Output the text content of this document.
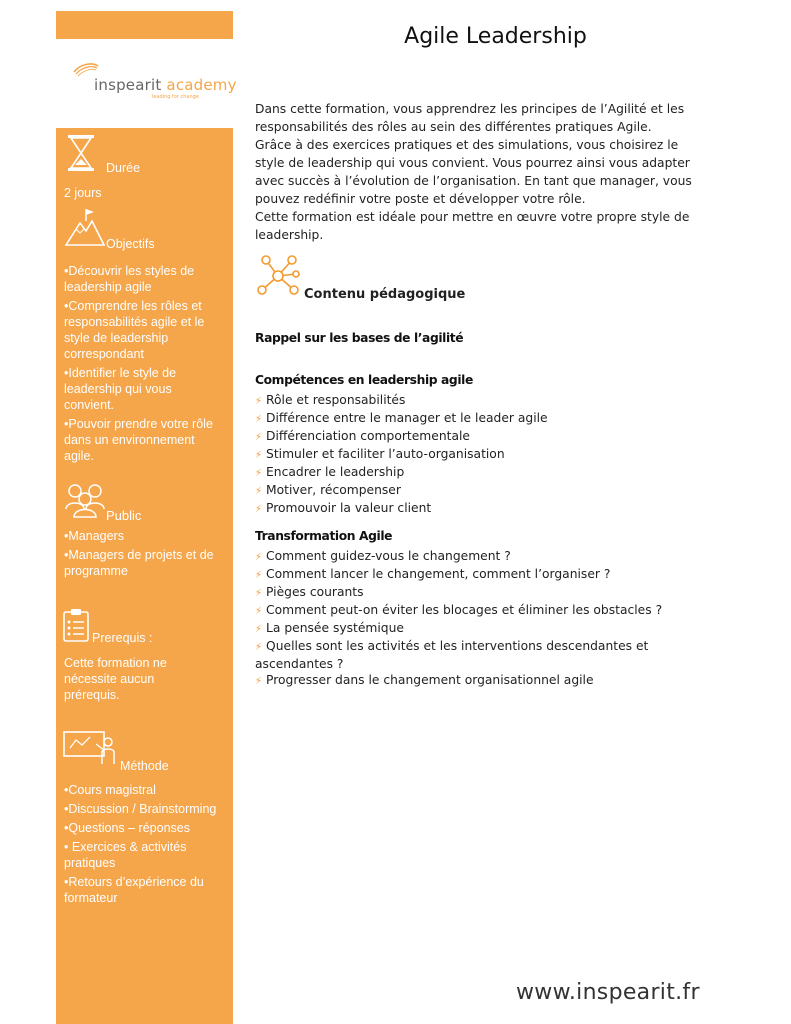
inspearit academy
leading for change
Durée
2 jours
Objectifs

•Découvrir les styles de leadership agile

•Comprendre les rôles et responsabilités agile et le style de leadership correspondant

•Identifier le style de leadership qui vous convient.

•Pouvoir prendre votre rôle dans un environnement agile.

Public

•Managers

•Managers de projets et de programme

Prerequis :
Cette formation ne nécessite aucun prérequis.
Méthode

•Cours magistral

•Discussion / Brainstorming

•Questions – réponses

• Exercices & activités pratiques

•Retours d’expérience du formateur

Agile Leadership

Dans cette formation, vous apprendrez les principes de l’Agilité et les responsabilités des rôles au sein des différentes pratiques Agile.

Grâce à des exercices pratiques et des simulations, vous choisirez le style de leadership qui vous convient. Vous pourrez ainsi vous adapter avec succès à l’évolution de l’organisation. En tant que manager, vous pouvez redéfinir votre poste et développer votre rôle.

Cette formation est idéale pour mettre en œuvre votre propre style de leadership.

Contenu pédagogique
Rappel sur les bases de l’agilité
Compétences en leadership agile
⚡ Rôle et responsabilités
⚡ Différence entre le manager et le leader agile
⚡ Différenciation comportementale
⚡ Stimuler et faciliter l’auto-organisation
⚡ Encadrer le leadership
⚡ Motiver, récompenser
⚡ Promouvoir la valeur client
Transformation Agile
⚡ Comment guidez-vous le changement ?
⚡ Comment lancer le changement, comment l’organiser ?
⚡ Pièges courants
⚡ Comment peut-on éviter les blocages et éliminer les obstacles ?
⚡ La pensée systémique
⚡ Quelles sont les activités et les interventions descendantes et ascendantes ?
⚡ Progresser dans le changement organisationnel agile
www.inspearit.fr
